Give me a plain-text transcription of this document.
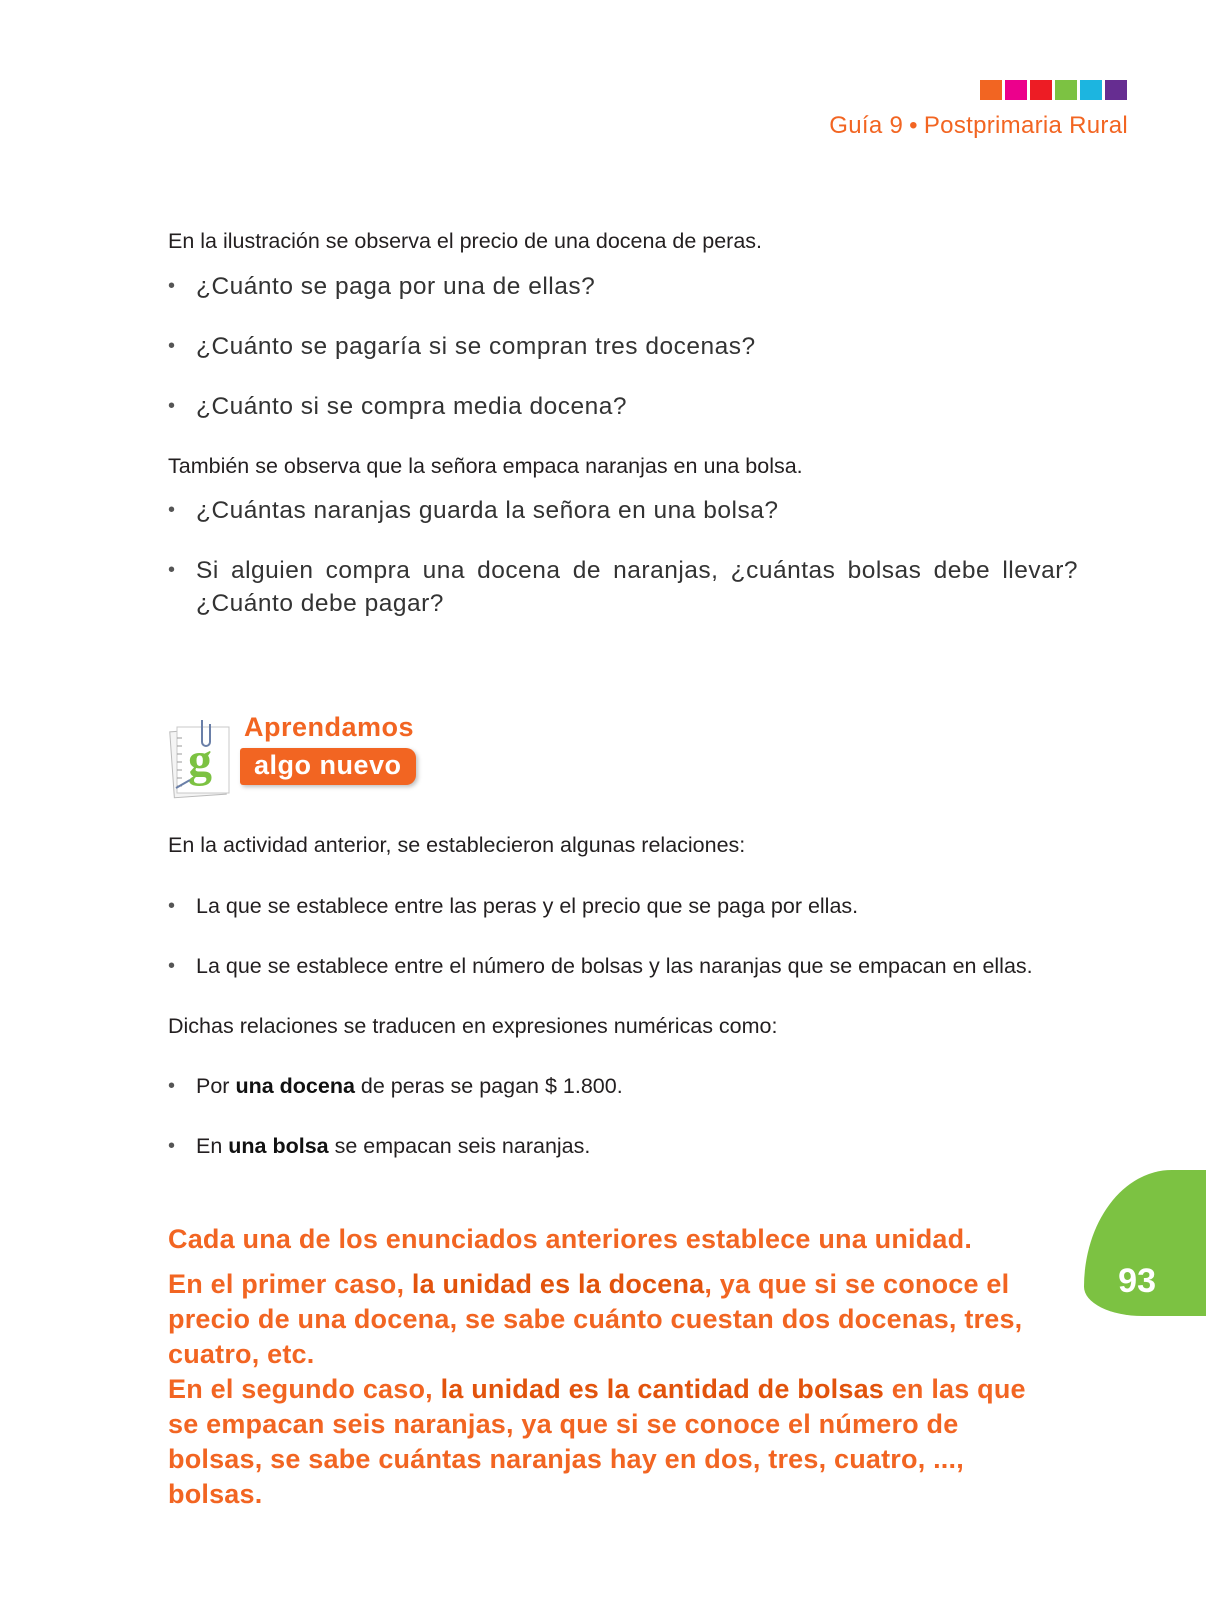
Guía 9 • Postprimaria Rural

En la ilustración se observa el precio de una docena de peras.

• ¿Cuánto se paga por una de ellas?
• ¿Cuánto se pagaría si se compran tres docenas?
• ¿Cuánto si se compra media docena?

También se observa que la señora empaca naranjas en una bolsa.

• ¿Cuántas naranjas guarda la señora en una bolsa?
• Si alguien compra una docena de naranjas, ¿cuántas bolsas debe llevar? ¿Cuánto debe pagar?
g
Aprendamos
algo nuevo

En la actividad anterior, se establecieron algunas relaciones:

• La que se establece entre las peras y el precio que se paga por ellas.
• La que se establece entre el número de bolsas y las naranjas que se empacan en ellas.

Dichas relaciones se traducen en expresiones numéricas como:

• Por una docena de peras se pagan $ 1.800.
• En una bolsa se empacan seis naranjas.
Cada una de los enunciados anteriores establece una unidad.
En el primer caso, la unidad es la docena, ya que si se conoce el precio de una docena, se sabe cuánto cuestan dos docenas, tres, cuatro, etc.
En el segundo caso, la unidad es la cantidad de bolsas en las que se empacan seis naranjas, ya que si se conoce el número de bolsas, se sabe cuántas naranjas hay en dos, tres, cuatro, ..., bolsas.
93
